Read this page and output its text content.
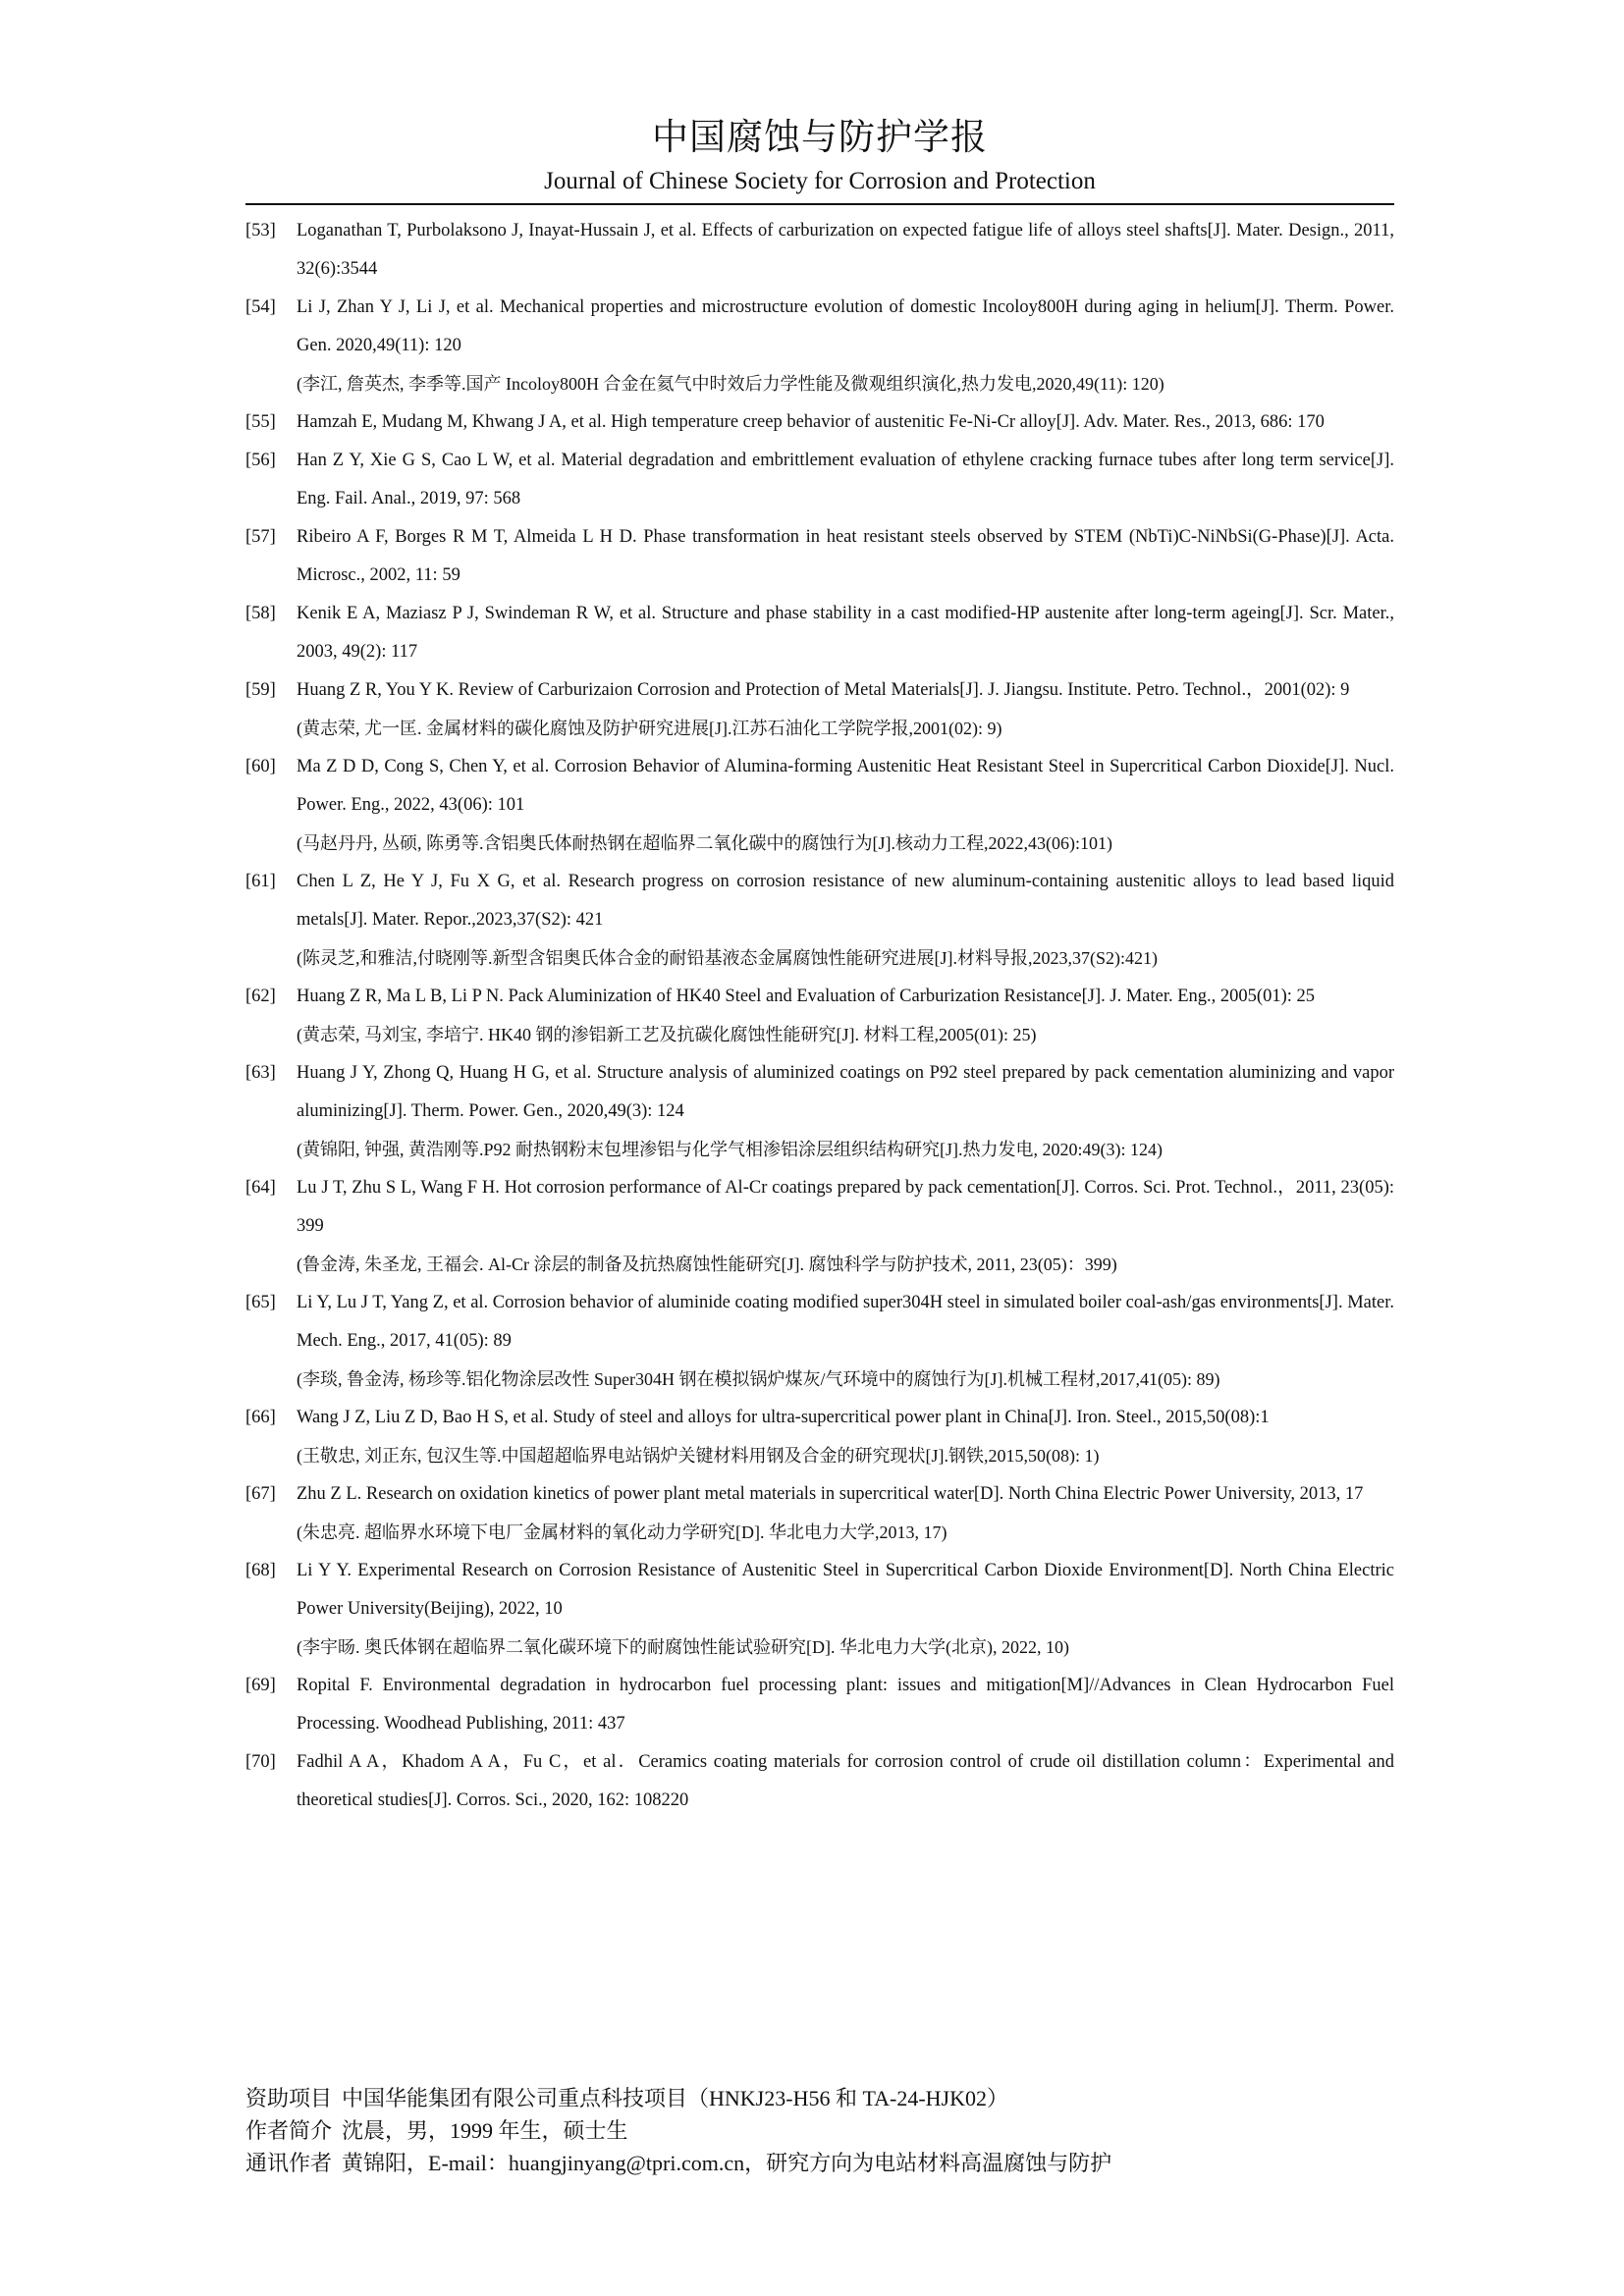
中国腐蚀与防护学报
Journal of Chinese Society for Corrosion and Protection
[53]	Loganathan T, Purbolaksono J, Inayat-Hussain J, et al. Effects of carburization on expected fatigue life of alloys steel shafts[J]. Mater. Design., 2011, 32(6):3544
[54]	Li J, Zhan Y J, Li J, et al. Mechanical properties and microstructure evolution of domestic Incoloy800H during aging in helium[J]. Therm. Power. Gen. 2020,49(11): 120
(李江, 詹英杰, 李季等.国产 Incoloy800H 合金在氦气中时效后力学性能及微观组织演化,热力发电,2020,49(11): 120)
[55]	Hamzah E, Mudang M, Khwang J A, et al. High temperature creep behavior of austenitic Fe-Ni-Cr alloy[J]. Adv. Mater. Res., 2013, 686: 170
[56]	Han Z Y, Xie G S, Cao L W, et al. Material degradation and embrittlement evaluation of ethylene cracking furnace tubes after long term service[J]. Eng. Fail. Anal., 2019, 97: 568
[57]	Ribeiro A F, Borges R M T, Almeida L H D. Phase transformation in heat resistant steels observed by STEM (NbTi)C-NiNbSi(G-Phase)[J]. Acta. Microsc., 2002, 11: 59
[58]	Kenik E A, Maziasz P J, Swindeman R W, et al. Structure and phase stability in a cast modified-HP austenite after long-term ageing[J]. Scr. Mater., 2003, 49(2): 117
[59]	Huang Z R, You Y K. Review of Carburizaion Corrosion and Protection of Metal Materials[J]. J. Jiangsu. Institute. Petro. Technol.，2001(02): 9
(黄志荣, 尤一匡. 金属材料的碳化腐蚀及防护研究进展[J].江苏石油化工学院学报,2001(02): 9)
[60]	Ma Z D D, Cong S, Chen Y, et al. Corrosion Behavior of Alumina-forming Austenitic Heat Resistant Steel in Supercritical Carbon Dioxide[J]. Nucl. Power. Eng., 2022, 43(06): 101
(马赵丹丹, 丛硕, 陈勇等.含铝奥氏体耐热钢在超临界二氧化碳中的腐蚀行为[J].核动力工程,2022,43(06):101)
[61]	Chen L Z, He Y J, Fu X G, et al. Research progress on corrosion resistance of new aluminum-containing austenitic alloys to lead based liquid metals[J]. Mater. Repor.,2023,37(S2): 421
(陈灵芝,和雅洁,付晓刚等.新型含铝奥氏体合金的耐铅基液态金属腐蚀性能研究进展[J].材料导报,2023,37(S2):421)
[62]	Huang Z R, Ma L B, Li P N. Pack Aluminization of HK40 Steel and Evaluation of Carburization Resistance[J]. J. Mater. Eng., 2005(01): 25
(黄志荣, 马刘宝, 李培宁. HK40 钢的渗铝新工艺及抗碳化腐蚀性能研究[J]. 材料工程,2005(01): 25)
[63]	Huang J Y, Zhong Q, Huang H G, et al. Structure analysis of aluminized coatings on P92 steel prepared by pack cementation aluminizing and vapor aluminizing[J]. Therm. Power. Gen., 2020,49(3): 124
(黄锦阳, 钟强, 黄浩刚等.P92 耐热钢粉末包埋渗铝与化学气相渗铝涂层组织结构研究[J].热力发电, 2020:49(3): 124)
[64]	Lu J T, Zhu S L, Wang F H. Hot corrosion performance of Al-Cr coatings prepared by pack cementation[J]. Corros. Sci. Prot. Technol.，2011, 23(05): 399
(鲁金涛, 朱圣龙, 王福会. Al-Cr 涂层的制备及抗热腐蚀性能研究[J]. 腐蚀科学与防护技术, 2011, 23(05)：399)
[65]	Li Y, Lu J T, Yang Z, et al. Corrosion behavior of aluminide coating modified super304H steel in simulated boiler coal-ash/gas environments[J]. Mater. Mech. Eng., 2017, 41(05): 89
(李琰, 鲁金涛, 杨珍等.铝化物涂层改性 Super304H 钢在模拟锅炉煤灰/气环境中的腐蚀行为[J].机械工程材,2017,41(05): 89)
[66]	Wang J Z, Liu Z D, Bao H S, et al. Study of steel and alloys for ultra-supercritical power plant in China[J]. Iron. Steel., 2015,50(08):1
(王敬忠, 刘正东, 包汉生等.中国超超临界电站锅炉关键材料用钢及合金的研究现状[J].钢铁,2015,50(08): 1)
[67]	Zhu Z L. Research on oxidation kinetics of power plant metal materials in supercritical water[D]. North China Electric Power University, 2013, 17
(朱忠亮. 超临界水环境下电厂金属材料的氧化动力学研究[D]. 华北电力大学,2013, 17)
[68]	Li Y Y. Experimental Research on Corrosion Resistance of Austenitic Steel in Supercritical Carbon Dioxide Environment[D]. North China Electric Power University(Beijing), 2022, 10
(李宇旸. 奥氏体钢在超临界二氧化碳环境下的耐腐蚀性能试验研究[D]. 华北电力大学(北京), 2022, 10)
[69]	Ropital F. Environmental degradation in hydrocarbon fuel processing plant: issues and mitigation[M]//Advances in Clean Hydrocarbon Fuel Processing. Woodhead Publishing, 2011: 437
[70]	Fadhil A A，Khadom A A，Fu C，et al．Ceramics coating materials for corrosion control of crude oil distillation column：Experimental and theoretical studies[J]. Corros. Sci., 2020, 162: 108220
资助项目 中国华能集团有限公司重点科技项目（HNKJ23-H56 和 TA-24-HJK02）
作者简介 沈晨，男，1999 年生，硕士生
通讯作者 黄锦阳，E-mail：huangjinyang@tpri.com.cn，研究方向为电站材料高温腐蚀与防护
